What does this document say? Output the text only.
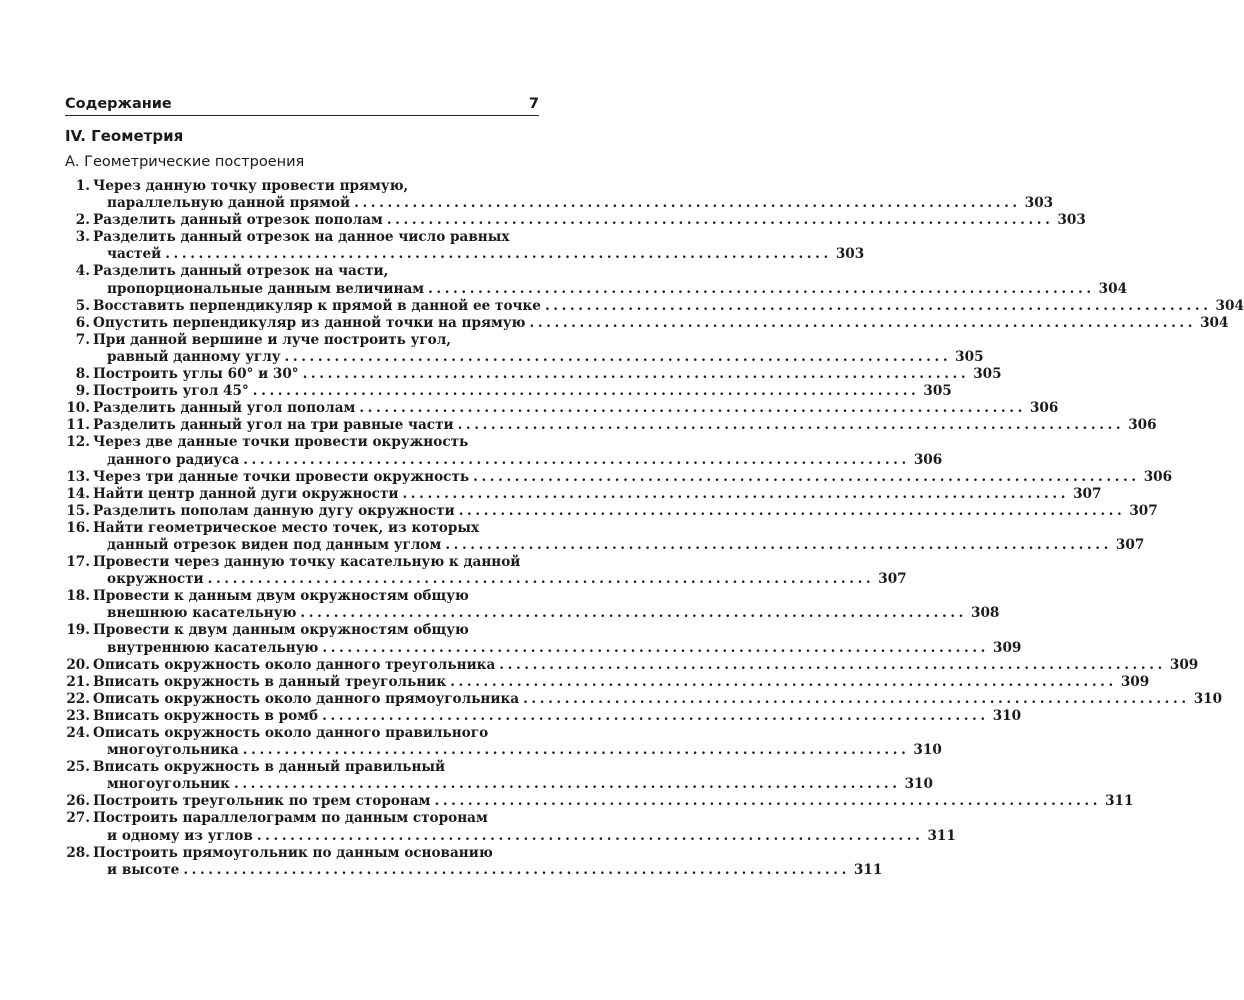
Содержание	7
IV. Геометрия
А. Геометрические построения
1. Через данную точку провести прямую,
параллельную данной прямой ................................................................................ 303
2. Разделить данный отрезок пополам ................................................................................ 303
3. Разделить данный отрезок на данное число равных
частей ................................................................................ 303
4. Разделить данный отрезок на части,
пропорциональные данным величинам ................................................................................ 304
5. Восставить перпендикуляр к прямой в данной ее точке ................................................................................ 304
6. Опустить перпендикуляр из данной точки на прямую ................................................................................ 304
7. При данной вершине и луче построить угол,
равный данному углу ................................................................................ 305
8. Построить углы 60° и 30° ................................................................................ 305
9. Построить угол 45° ................................................................................ 305
10. Разделить данный угол пополам ................................................................................ 306
11. Разделить данный угол на три равные части ................................................................................ 306
12. Через две данные точки провести окружность
данного радиуса ................................................................................ 306
13. Через три данные точки провести окружность ................................................................................ 306
14. Найти центр данной дуги окружности ................................................................................ 307
15. Разделить пополам данную дугу окружности ................................................................................ 307
16. Найти геометрическое место точек, из которых
данный отрезок виден под данным углом ................................................................................ 307
17. Провести через данную точку касательную к данной
окружности ................................................................................ 307
18. Провести к данным двум окружностям общую
внешнюю касательную ................................................................................ 308
19. Провести к двум данным окружностям общую
внутреннюю касательную ................................................................................ 309
20. Описать окружность около данного треугольника ................................................................................ 309
21. Вписать окружность в данный треугольник ................................................................................ 309
22. Описать окружность около данного прямоугольника ................................................................................ 310
23. Вписать окружность в ромб ................................................................................ 310
24. Описать окружность около данного правильного
многоугольника ................................................................................ 310
25. Вписать окружность в данный правильный
многоугольник ................................................................................ 310
26. Построить треугольник по трем сторонам ................................................................................ 311
27. Построить параллелограмм по данным сторонам
и одному из углов ................................................................................ 311
28. Построить прямоугольник по данным основанию
и высоте ................................................................................ 311
